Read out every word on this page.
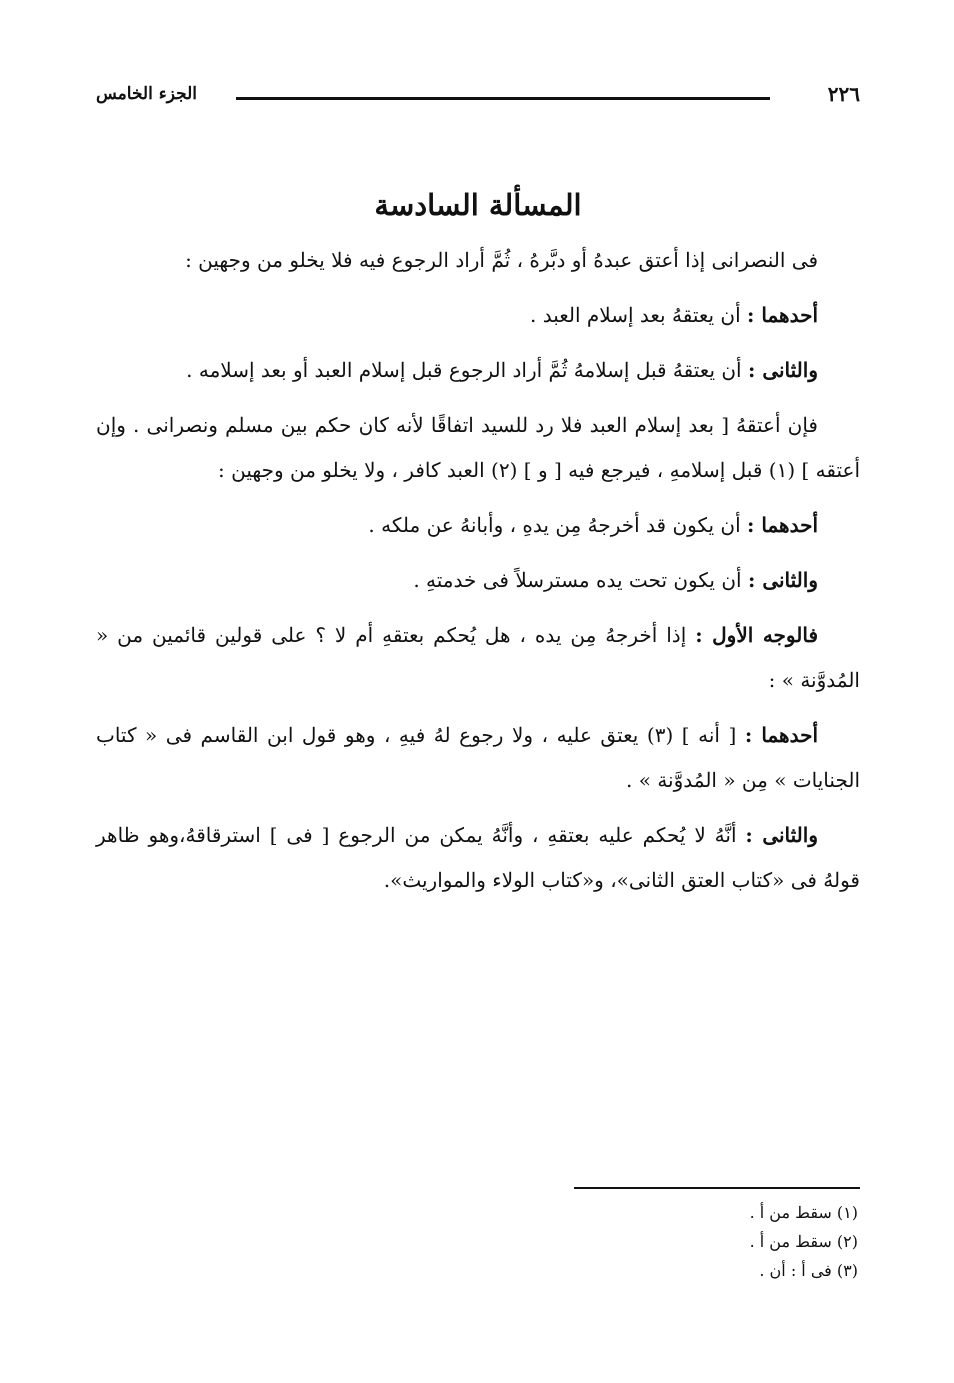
الجزء الخامس	٢٢٦
المسألة السادسة

فى النصرانى إذا أعتق عبدهُ أو دبَّرهُ ، ثُمَّ أراد الرجوع فيه فلا يخلو من وجهين :

أحدهما : أن يعتقهُ بعد إسلام العبد .

والثانى : أن يعتقهُ قبل إسلامهُ ثُمَّ أراد الرجوع قبل إسلام العبد أو بعد إسلامه .

فإن أعتقهُ [ بعد إسلام العبد فلا رد للسيد اتفاقًا لأنه كان حكم بين مسلم ونصرانى . وإن أعتقه ] (١) قبل إسلامهِ ، فيرجع فيه [ و ] (٢) العبد كافر ، ولا يخلو من وجهين :

أحدهما : أن يكون قد أخرجهُ مِن يدهِ ، وأبانهُ عن ملكه .

والثانى : أن يكون تحت يده مسترسلاً فى خدمتهِ .

فالوجه الأول : إذا أخرجهُ مِن يده ، هل يُحكم بعتقهِ أم لا ؟ على قولين قائمين من « المُدوَّنة » :

أحدهما : [ أنه ] (٣) يعتق عليه ، ولا رجوع لهُ فيهِ ، وهو قول ابن القاسم فى « كتاب الجنايات » مِن « المُدوَّنة » .

والثانى : أنَّهُ لا يُحكم عليه بعتقهِ ، وأنَّهُ يمكن من الرجوع [ فى ] استرقاقهُ،وهو ظاهر قولهُ فى «كتاب العتق الثانى»، و«كتاب الولاء والمواريث».

(١) سقط من أ .

(٢) سقط من أ .

(٣) فى أ : أن .
